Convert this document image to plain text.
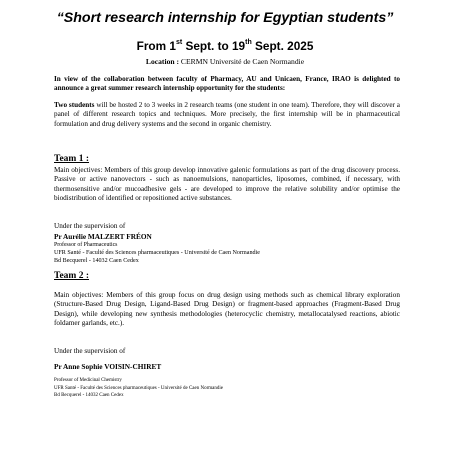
“Short research internship for Egyptian students”
From 1st Sept. to 19th Sept. 2025
Location : CERMN Université de Caen Normandie
In view of the collaboration between faculty of Pharmacy, AU and Unicaen, France, IRAO is delighted to announce a great summer research internship opportunity for the students:
Two students will be hosted 2 to 3 weeks in 2 research teams (one student in one team). Therefore, they will discover a panel of different research topics and techniques. More precisely, the first internship will be in pharmaceutical formulation and drug delivery systems and the second in organic chemistry.
Team 1 :
Main objectives: Members of this group develop innovative galenic formulations as part of the drug discovery process. Passive or active nanovectors - such as nanoemulsions, nanoparticles, liposomes, combined, if necessary, with thermosensitive and/or mucoadhesive gels - are developed to improve the relative solubility and/or optimise the biodistribution of identified or repositioned active substances.
Under the supervision of
Pr Aurélie MALZERT FRÉON
Professor of Pharmaceutics
UFR Santé - Faculté des Sciences pharmaceutiques - Université de Caen Normandie
Bd Becquerel - 14032 Caen Cedex
Team 2 :
Main objectives: Members of this group focus on drug design using methods such as chemical library exploration (Structure-Based Drug Design, Ligand-Based Drug Design) or fragment-based approaches (Fragment-Based Drug Design), while developing new synthesis methodologies (heterocyclic chemistry, metallocatalysed reactions, abiotic foldamer garlands, etc.).
Under the supervision of
Pr Anne Sophie VOISIN-CHIRET
Professor of Medicinal Chemistry
UFR Santé - Faculté des Sciences pharmaceutiques - Université de Caen Normandie
Bd Becquerel - 14032 Caen Cedex
